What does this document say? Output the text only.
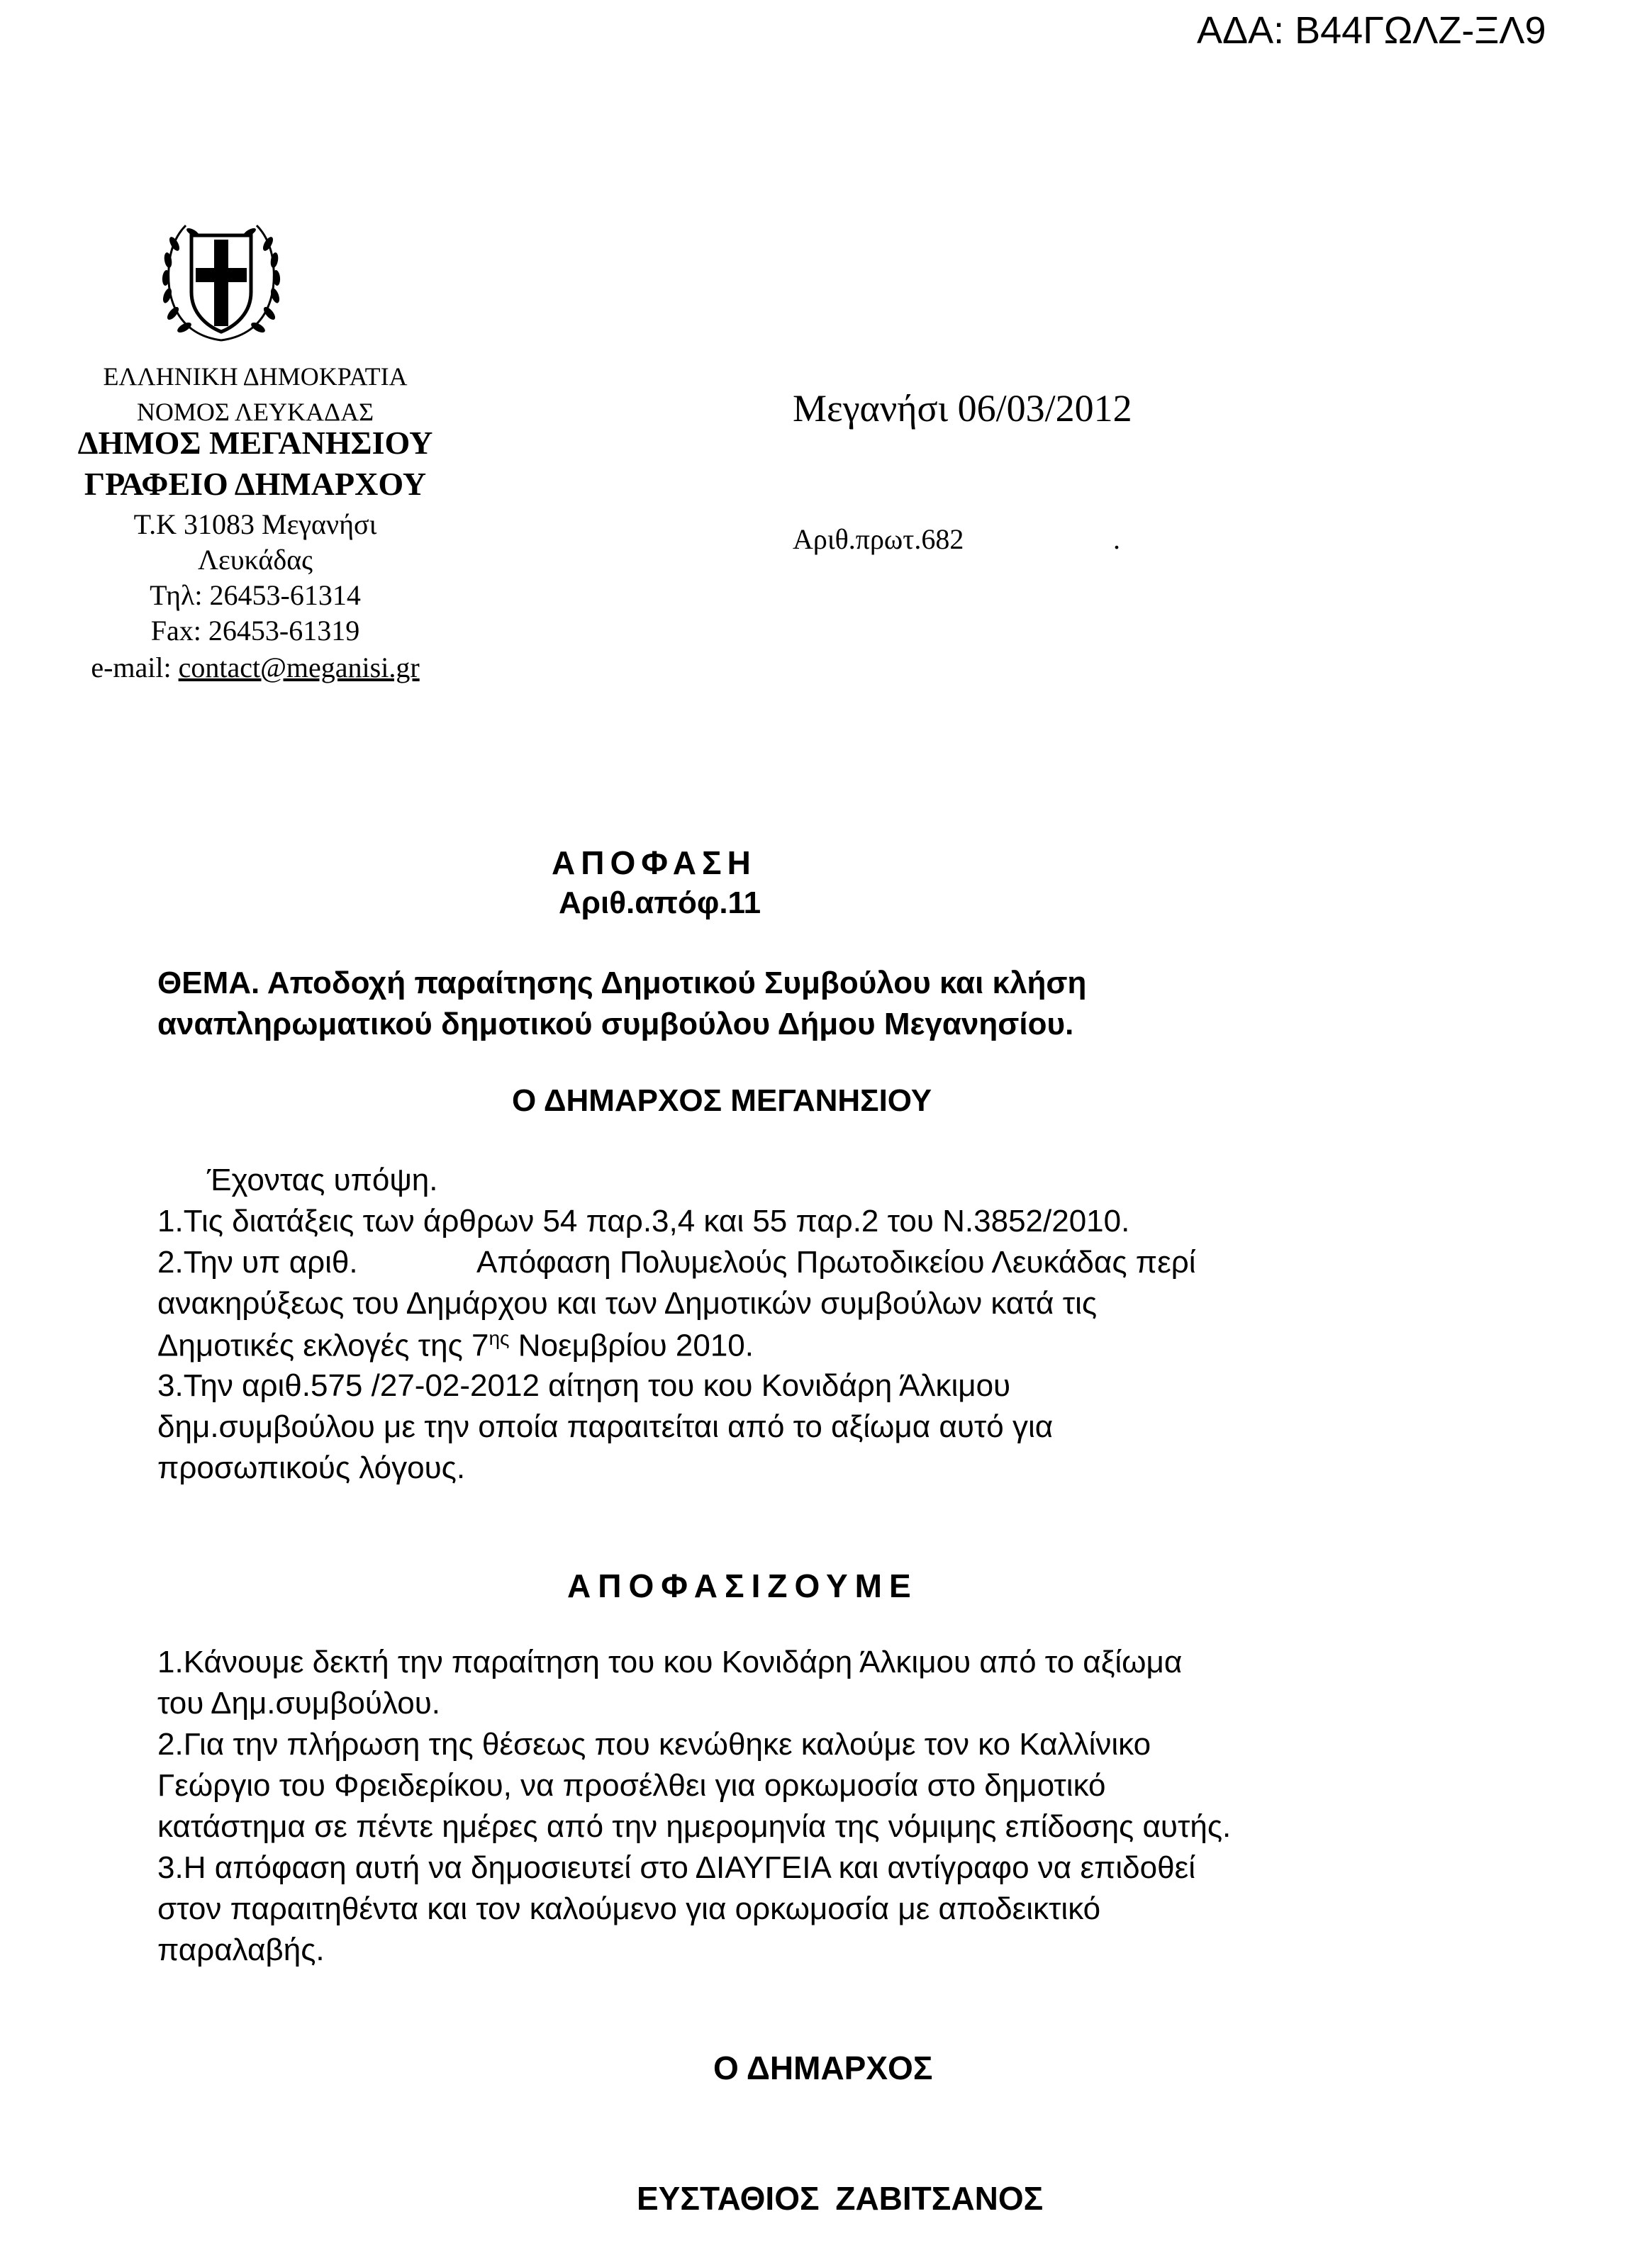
ΑΔΑ: Β44ΓΩΛΖ-ΞΛ9
ΕΛΛΗΝΙΚΗ ΔΗΜΟΚΡΑΤΙΑ
ΝΟΜΟΣ ΛΕΥΚΑΔΑΣ
ΔΗΜΟΣ ΜΕΓΑΝΗΣΙΟΥ
ΓΡΑΦΕΙΟ ΔΗΜΑΡΧΟΥ
Τ.Κ 31083 Μεγανήσι
Λευκάδας
Τηλ: 26453-61314
Fax: 26453-61319
e-mail: contact@meganisi.gr
Μεγανήσι 06/03/2012
Αριθ.πρωτ.682	.
ΑΠΟΦΑΣΗ
Αριθ.απόφ.11
ΘΕΜΑ. Αποδοχή παραίτησης Δημοτικού Συμβούλου και κλήση
αναπληρωματικού δημοτικού συμβούλου Δήμου Μεγανησίου.
Ο ΔΗΜΑΡΧΟΣ ΜΕΓΑΝΗΣΙΟΥ
Έχοντας υπόψη.
1.Τις διατάξεις των άρθρων 54 παρ.3,4 και 55 παρ.2 του Ν.3852/2010.
2.Την υπ αριθ.	Απόφαση Πολυμελούς Πρωτοδικείου Λευκάδας περί
ανακηρύξεως του Δημάρχου και των Δημοτικών συμβούλων κατά τις
Δημοτικές εκλογές της $7^{\eta\varsigma}$ Νοεμβρίου 2010.
3.Την αριθ.575 /27-02-2012 αίτηση του κου Κονιδάρη Άλκιμου
δημ.συμβούλου με την οποία παραιτείται από το αξίωμα αυτό για
προσωπικούς λόγους.
ΑΠΟΦΑΣΙΖΟΥΜΕ
1.Κάνουμε δεκτή την παραίτηση του κου Κονιδάρη Άλκιμου από το αξίωμα
του Δημ.συμβούλου.
2.Για την πλήρωση της θέσεως που κενώθηκε καλούμε τον κο Καλλίνικο
Γεώργιο του Φρειδερίκου, να προσέλθει για ορκωμοσία στο δημοτικό
κατάστημα σε πέντε ημέρες από την ημερομηνία της νόμιμης επίδοσης αυτής.
3.Η απόφαση αυτή να δημοσιευτεί στο ΔΙΑΥΓΕΙΑ και αντίγραφο να επιδοθεί
στον παραιτηθέντα και τον καλούμενο για ορκωμοσία με αποδεικτικό
παραλαβής.
Ο ΔΗΜΑΡΧΟΣ
ΕΥΣΤΑΘΙΟΣ ΖΑΒΙΤΣΑΝΟΣ
